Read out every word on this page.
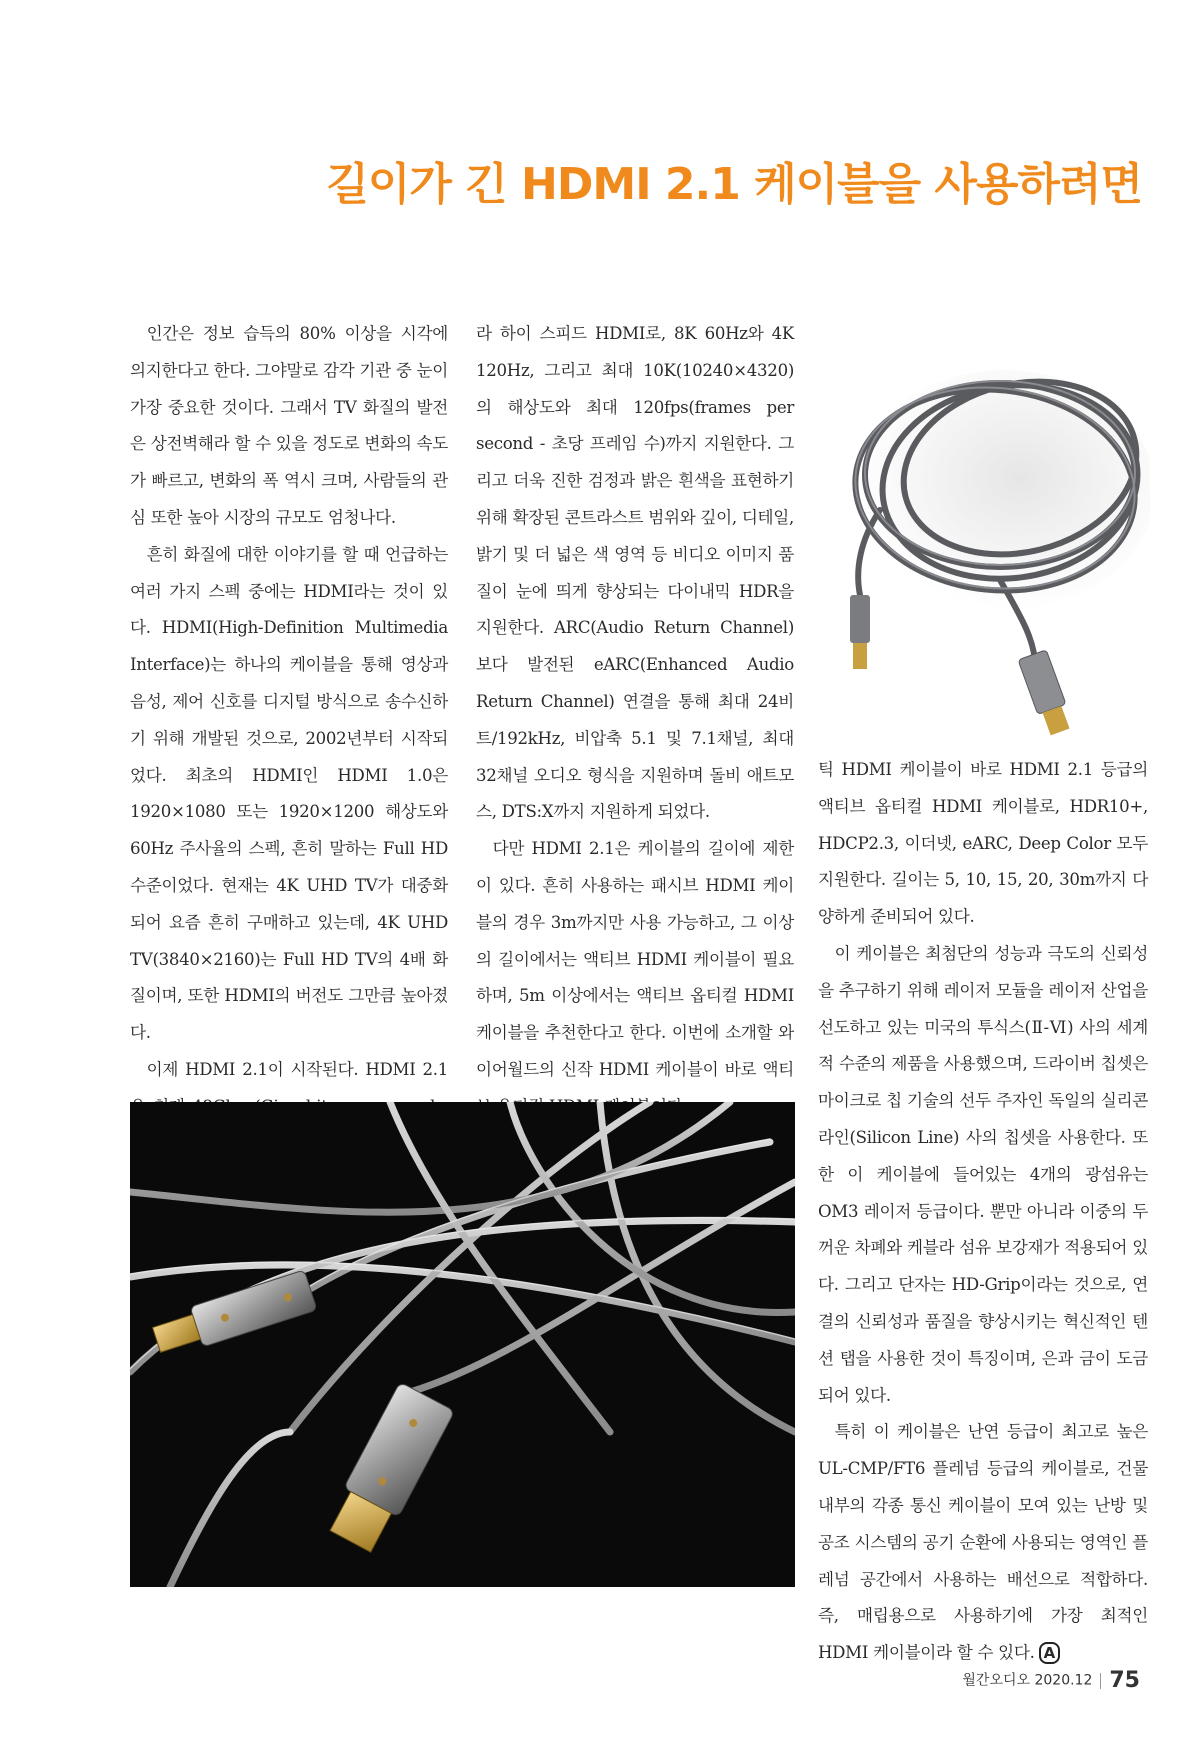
길이가 긴 HDMI 2.1 케이블을 사용하려면

인간은 정보 습득의 80% 이상을 시각에 의지한다고 한다. 그야말로 감각 기관 중 눈이 가장 중요한 것이다. 그래서 TV 화질의 발전은 상전벽해라 할 수 있을 정도로 변화의 속도가 빠르고, 변화의 폭 역시 크며, 사람들의 관심 또한 높아 시장의 규모도 엄청나다.

흔히 화질에 대한 이야기를 할 때 언급하는 여러 가지 스펙 중에는 HDMI라는 것이 있다. HDMI(High-Definition Multimedia Interface)는 하나의 케이블을 통해 영상과 음성, 제어 신호를 디지털 방식으로 송수신하기 위해 개발된 것으로, 2002년부터 시작되었다. 최초의 HDMI인 HDMI 1.0은 1920×1080 또는 1920×1200 해상도와 60Hz 주사율의 스펙, 흔히 말하는 Full HD 수준이었다. 현재는 4K UHD TV가 대중화되어 요즘 흔히 구매하고 있는데, 4K UHD TV(3840×2160)는 Full HD TV의 4배 화질이며, 또한 HDMI의 버전도 그만큼 높아졌다.

이제 HDMI 2.1이 시작된다. HDMI 2.1

라 하이 스피드 HDMI로, 8K 60Hz와 4K 120Hz, 그리고 최대 10K(10240×4320)의 해상도와 최대 120fps(frames per second - 초당 프레임 수)까지 지원한다. 그리고 더욱 진한 검정과 밝은 흰색을 표현하기 위해 확장된 콘트라스트 범위와 깊이, 디테일, 밝기 및 더 넓은 색 영역 등 비디오 이미지 품질이 눈에 띄게 향상되는 다이내믹 HDR을 지원한다. ARC(Audio Return Channel)보다 발전된 eARC(Enhanced Audio Return Channel) 연결을 통해 최대 24비트/192kHz, 비압축 5.1 및 7.1채널, 최대 32채널 오디오 형식을 지원하며 돌비 애트모스, DTS:X까지 지원하게 되었다.

다만 HDMI 2.1은 케이블의 길이에 제한이 있다. 흔히 사용하는 패시브 HDMI 케이블의 경우 3m까지만 사용 가능하고, 그 이상의 길이에서는 액티브 HDMI 케이블이 필요하며, 5m 이상에서는 액티브 옵티컬 HDMI 케이블을 추천한다고 한다. 이번에 소개할 와이어월드의 신작 HDMI 케이블이 바로 액티

틱 HDMI 케이블이 바로 HDMI 2.1 등급의 액티브 옵티컬 HDMI 케이블로, HDR10+, HDCP2.3, 이더넷, eARC, Deep Color 모두 지원한다. 길이는 5, 10, 15, 20, 30m까지 다양하게 준비되어 있다.

이 케이블은 최첨단의 성능과 극도의 신뢰성을 추구하기 위해 레이저 모듈을 레이저 산업을 선도하고 있는 미국의 투식스(Ⅱ-Ⅵ) 사의 세계적 수준의 제품을 사용했으며, 드라이버 칩셋은 마이크로 칩 기술의 선두 주자인 독일의 실리콘 라인(Silicon Line) 사의 칩셋을 사용한다. 또한 이 케이블에 들어있는 4개의 광섬유는 OM3 레이저 등급이다. 뿐만 아니라 이중의 두꺼운 차폐와 케블라 섬유 보강재가 적용되어 있다. 그리고 단자는 HD-Grip이라는 것으로, 연결의 신뢰성과 품질을 향상시키는 혁신적인 텐션 탭을 사용한 것이 특징이며, 은과 금이 도금되어 있다.

특히 이 케이블은 난연 등급이 최고로 높은 UL-CMP/FT6 플레넘 등급의 케이블로, 건물 내부의 각종 통신 케이블이 모여 있는 난방 및 공조 시스템의 공기 순환에 사용되는 영역인 플레넘 공간에서 사용하는 배선으로 적합하다. 즉, 매립용으로 사용하기에 가장 최적인 HDMI 케이블이라 할 수 있다. A

월간오디오 2020.12 75
